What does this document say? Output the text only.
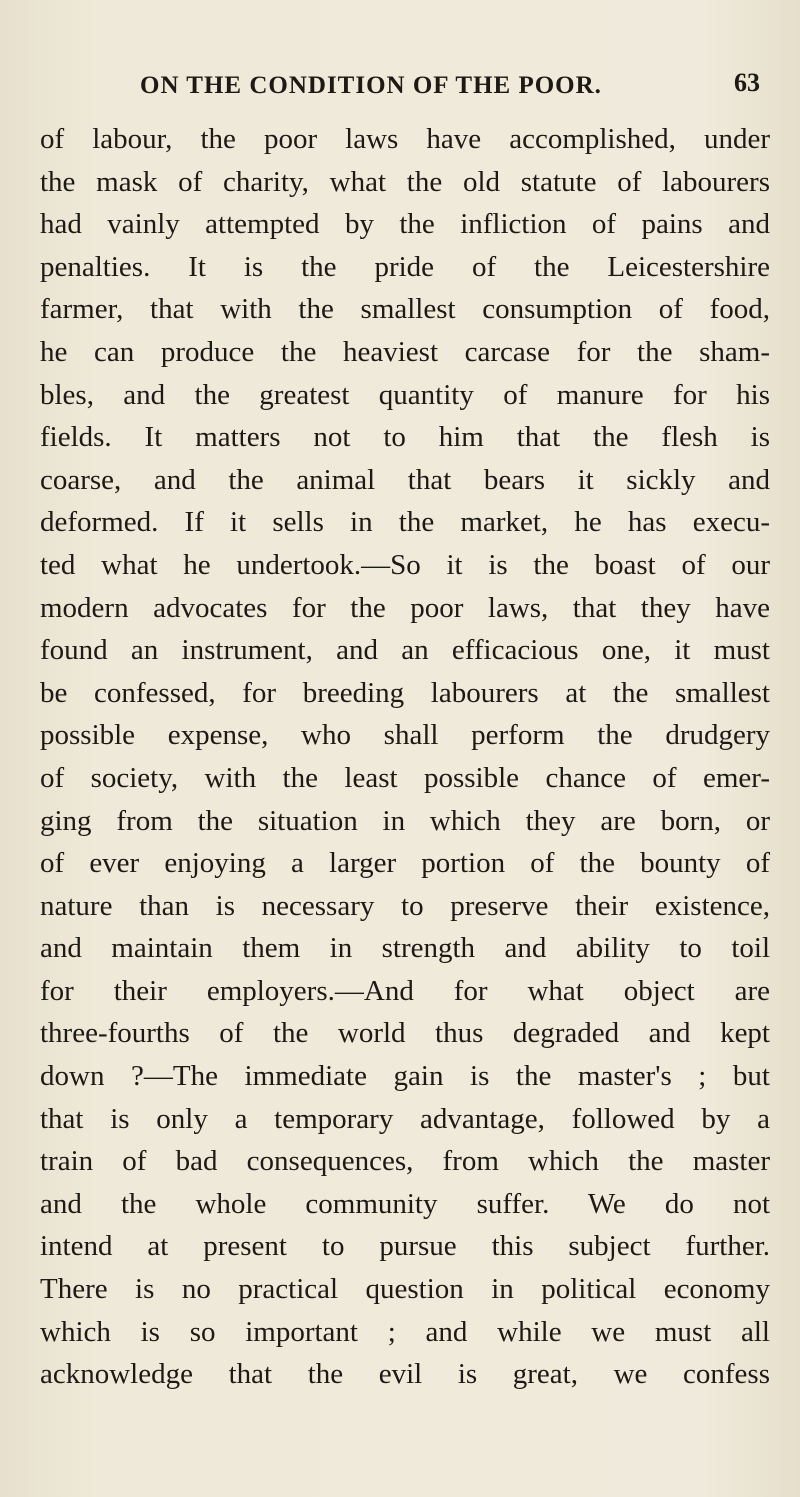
ON THE CONDITION OF THE POOR.	63
of labour, the poor laws have accomplished, under
the mask of charity, what the old statute of labourers
had vainly attempted by the infliction of pains and
penalties. It is the pride of the Leicestershire
farmer, that with the smallest consumption of food,
he can produce the heaviest carcase for the sham-
bles, and the greatest quantity of manure for his
fields. It matters not to him that the flesh is
coarse, and the animal that bears it sickly and
deformed. If it sells in the market, he has execu-
ted what he undertook.—So it is the boast of our
modern advocates for the poor laws, that they have
found an instrument, and an efficacious one, it must
be confessed, for breeding labourers at the smallest
possible expense, who shall perform the drudgery
of society, with the least possible chance of emer-
ging from the situation in which they are born, or
of ever enjoying a larger portion of the bounty of
nature than is necessary to preserve their existence,
and maintain them in strength and ability to toil
for their employers.—And for what object are
three-fourths of the world thus degraded and kept
down ?—The immediate gain is the master's ; but
that is only a temporary advantage, followed by a
train of bad consequences, from which the master
and the whole community suffer. We do not
intend at present to pursue this subject further.
There is no practical question in political economy
which is so important ; and while we must all
acknowledge that the evil is great, we confess
